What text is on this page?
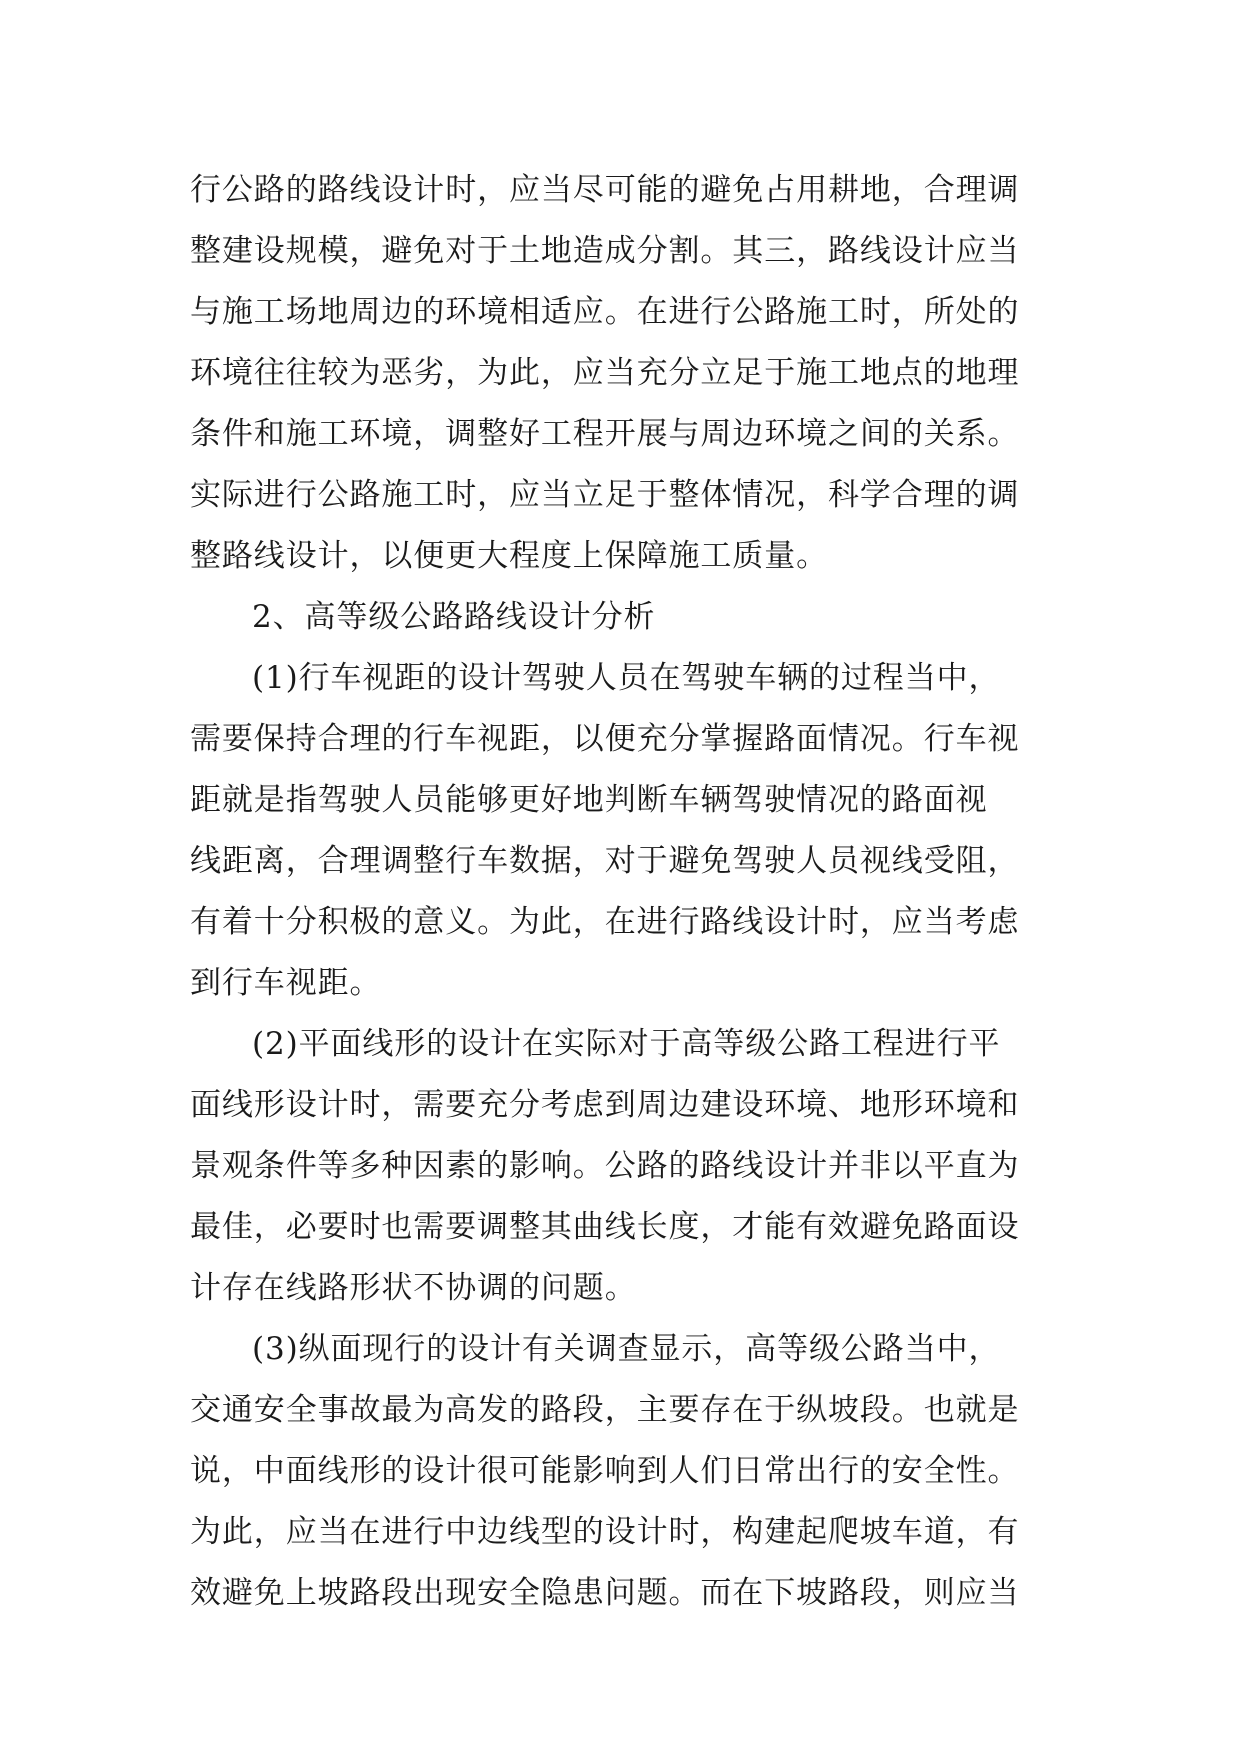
行公路的路线设计时，应当尽可能的避免占用耕地，合理调
整建设规模，避免对于土地造成分割。其三，路线设计应当
与施工场地周边的环境相适应。在进行公路施工时，所处的
环境往往较为恶劣，为此，应当充分立足于施工地点的地理
条件和施工环境，调整好工程开展与周边环境之间的关系。
实际进行公路施工时，应当立足于整体情况，科学合理的调
整路线设计，以便更大程度上保障施工质量。
2、高等级公路路线设计分析
(1)行车视距的设计驾驶人员在驾驶车辆的过程当中，
需要保持合理的行车视距，以便充分掌握路面情况。行车视
距就是指驾驶人员能够更好地判断车辆驾驶情况的路面视
线距离，合理调整行车数据，对于避免驾驶人员视线受阻，
有着十分积极的意义。为此，在进行路线设计时，应当考虑
到行车视距。
(2)平面线形的设计在实际对于高等级公路工程进行平
面线形设计时，需要充分考虑到周边建设环境、地形环境和
景观条件等多种因素的影响。公路的路线设计并非以平直为
最佳，必要时也需要调整其曲线长度，才能有效避免路面设
计存在线路形状不协调的问题。
(3)纵面现行的设计有关调查显示，高等级公路当中，
交通安全事故最为高发的路段，主要存在于纵坡段。也就是
说，中面线形的设计很可能影响到人们日常出行的安全性。
为此，应当在进行中边线型的设计时，构建起爬坡车道，有
效避免上坡路段出现安全隐患问题。而在下坡路段，则应当
